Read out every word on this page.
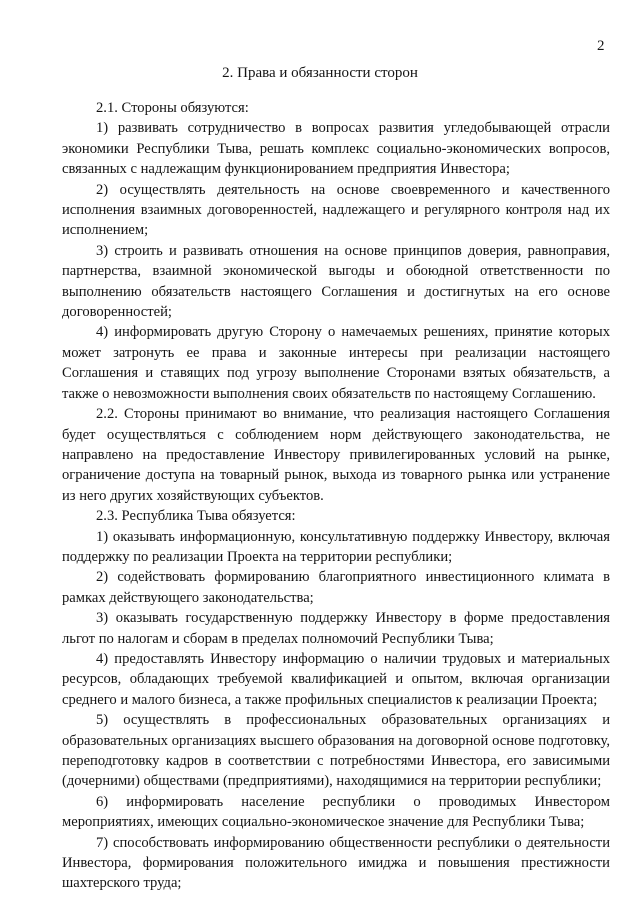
2
2. Права и обязанности сторон

2.1. Стороны обязуются:

1) развивать сотрудничество в вопросах развития угледобывающей отрасли экономики Республики Тыва, решать комплекс социально-экономических вопросов, связанных с надлежащим функционированием предприятия Инвестора;

2) осуществлять деятельность на основе своевременного и качественного исполнения взаимных договоренностей, надлежащего и регулярного контроля над их исполнением;

3) строить и развивать отношения на основе принципов доверия, равноправия, партнерства, взаимной экономической выгоды и обоюдной ответственности по выполнению обязательств настоящего Соглашения и достигнутых на его основе договоренностей;

4) информировать другую Сторону о намечаемых решениях, принятие которых может затронуть ее права и законные интересы при реализации настоящего Соглашения и ставящих под угрозу выполнение Сторонами взятых обязательств, а также о невозможности выполнения своих обязательств по настоящему Соглашению.

2.2. Стороны принимают во внимание, что реализация настоящего Соглашения будет осуществляться с соблюдением норм действующего законодательства, не направлено на предоставление Инвестору привилегированных условий на рынке, ограничение доступа на товарный рынок, выхода из товарного рынка или устранение из него других хозяйствующих субъектов.

2.3. Республика Тыва обязуется:

1) оказывать информационную, консультативную поддержку Инвестору, включая поддержку по реализации Проекта на территории республики;

2) содействовать формированию благоприятного инвестиционного климата в рамках действующего законодательства;

3) оказывать государственную поддержку Инвестору в форме предоставления льгот по налогам и сборам в пределах полномочий Республики Тыва;

4) предоставлять Инвестору информацию о наличии трудовых и материальных ресурсов, обладающих требуемой квалификацией и опытом, включая организации среднего и малого бизнеса, а также профильных специалистов к реализации Проекта;

5) осуществлять в профессиональных образовательных организациях и образовательных организациях высшего образования на договорной основе подготовку, переподготовку кадров в соответствии с потребностями Инвестора, его зависимыми (дочерними) обществами (предприятиями), находящимися на территории республики;

6) информировать население республики о проводимых Инвестором мероприятиях, имеющих социально-экономическое значение для Республики Тыва;

7) способствовать информированию общественности республики о деятельности Инвестора, формирования положительного имиджа и повышения престижности шахтерского труда;
